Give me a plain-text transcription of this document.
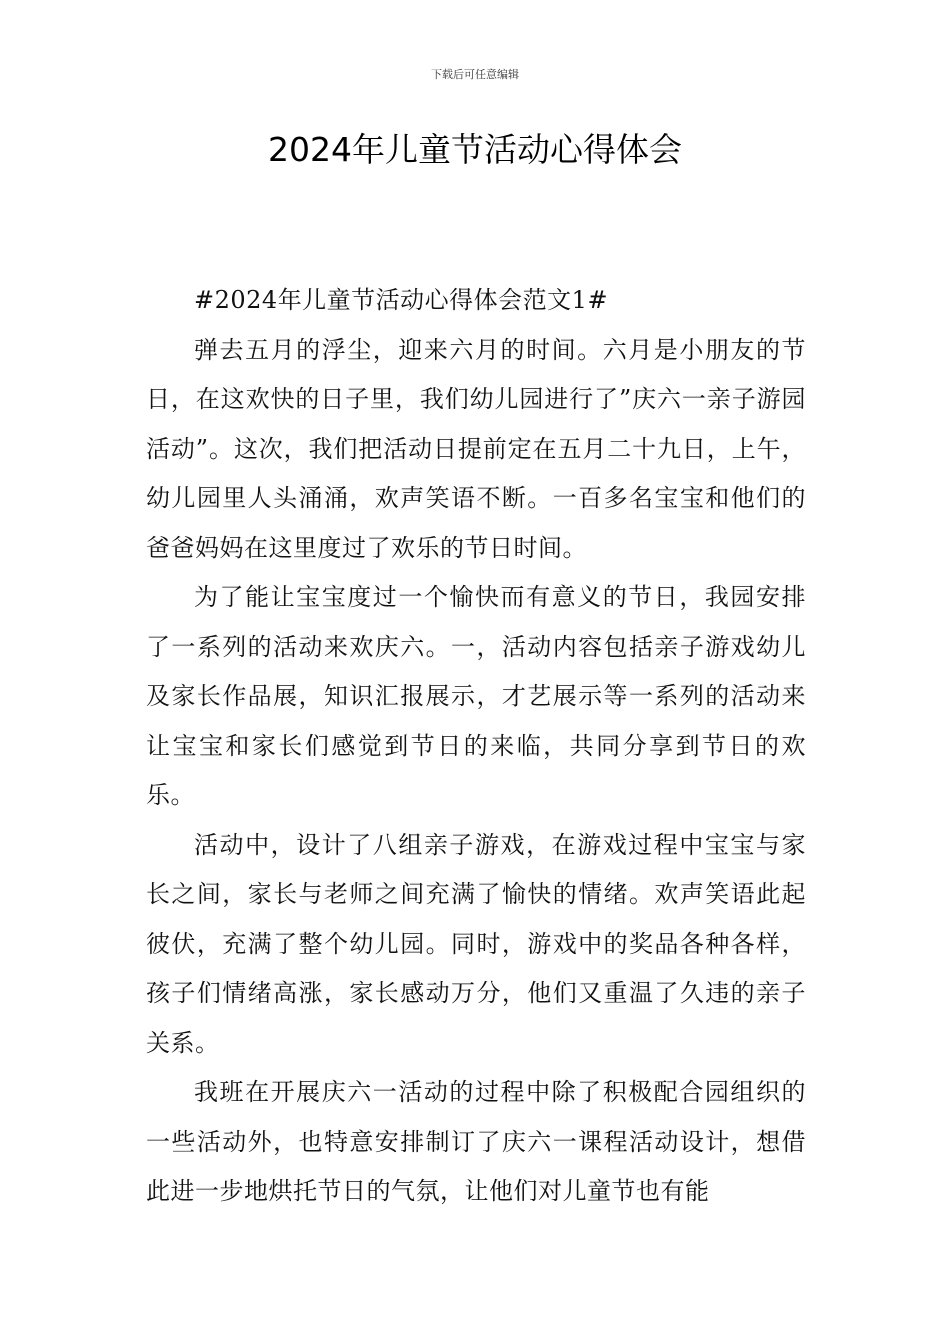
下载后可任意编辑
2024年儿童节活动心得体会

#2024年儿童节活动心得体会范文1#

弹去五月的浮尘，迎来六月的时间。六月是小朋友的节日，在这欢快的日子里，我们幼儿园进行了”庆六一亲子游园活动”。这次，我们把活动日提前定在五月二十九日，上午，幼儿园里人头涌涌，欢声笑语不断。一百多名宝宝和他们的爸爸妈妈在这里度过了欢乐的节日时间。

为了能让宝宝度过一个愉快而有意义的节日，我园安排了一系列的活动来欢庆六。一，活动内容包括亲子游戏幼儿及家长作品展，知识汇报展示，才艺展示等一系列的活动来让宝宝和家长们感觉到节日的来临，共同分享到节日的欢乐。

活动中，设计了八组亲子游戏，在游戏过程中宝宝与家长之间，家长与老师之间充满了愉快的情绪。欢声笑语此起彼伏，充满了整个幼儿园。同时，游戏中的奖品各种各样，孩子们情绪高涨，家长感动万分，他们又重温了久违的亲子关系。

我班在开展庆六一活动的过程中除了积极配合园组织的一些活动外，也特意安排制订了庆六一课程活动设计，想借此进一步地烘托节日的气氛，让他们对儿童节也有能
